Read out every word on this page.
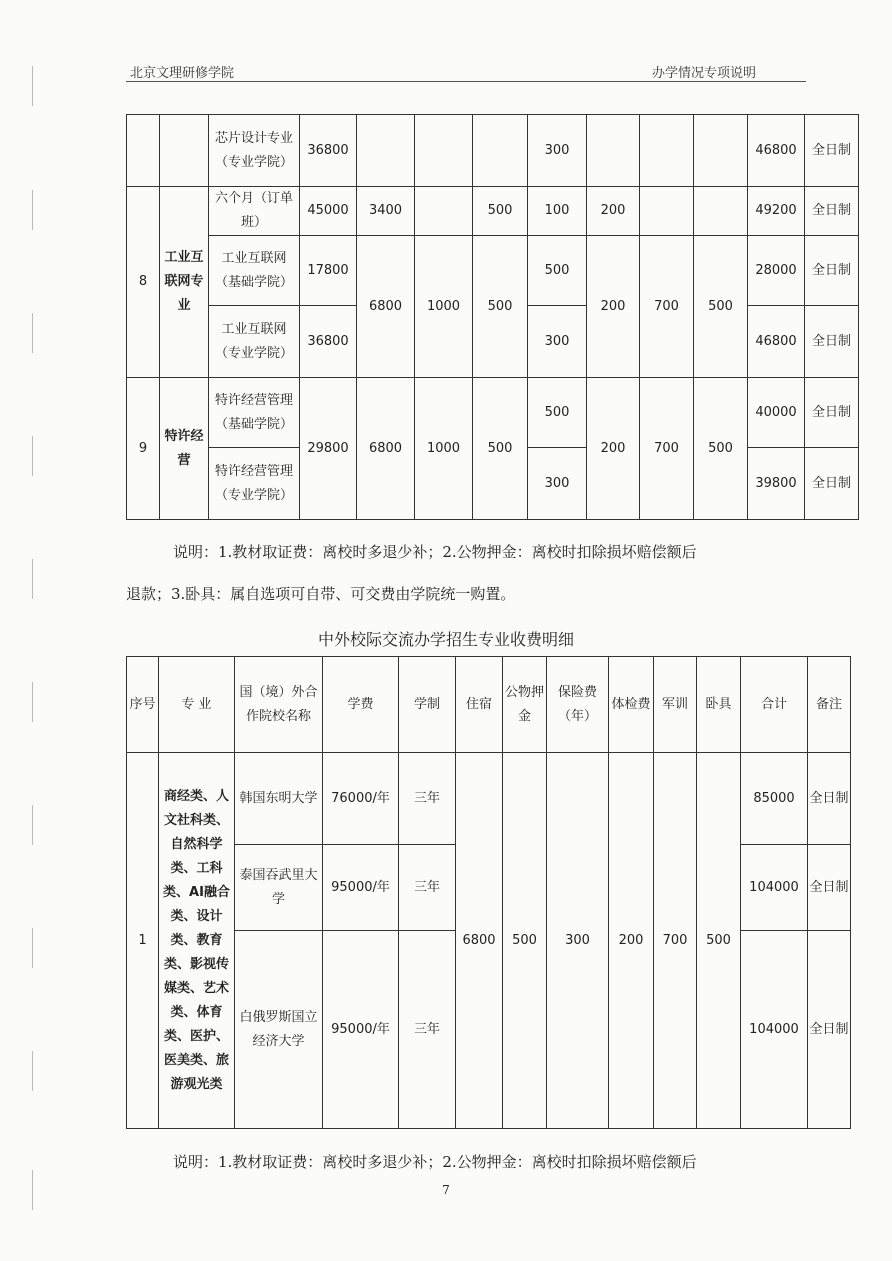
北京文理研修学院	办学情况专项说明
		芯片设计专业（专业学院）	36800				300				46800	全日制
8	工业互联网专业	六个月（订单班）	45000	3400		500	100	200			49200	全日制
		工业互联网（基础学院）	17800	6800	1000	500	500	200	700	500	28000	全日制
		工业互联网（专业学院）	36800				300				46800	全日制
9	特许经营	特许经营管理（基础学院）	29800	6800	1000	500	500	200	700	500	40000	全日制
		特许经营管理（专业学院）					300				39800	全日制
说明：1.教材取证费：离校时多退少补；2.公物押金：离校时扣除损坏赔偿额后
退款；3.卧具：属自选项可自带、可交费由学院统一购置。
中外校际交流办学招生专业收费明细
序号	专 业	国（境）外合作院校名称	学费	学制	住宿	公物押金	保险费（年）	体检费	军训	卧具	合计	备注
1	商经类、人文社科类、自然科学类、工科类、AI融合类、设计类、教育类、影视传媒类、艺术类、体育类、医护、医美类、旅游观光类	韩国东明大学	76000/年	三年	6800	500	300	200	700	500	85000	全日制
		泰国吞武里大学	95000/年	三年							104000	全日制
		白俄罗斯国立经济大学	95000/年	三年							104000	全日制
说明：1.教材取证费：离校时多退少补；2.公物押金：离校时扣除损坏赔偿额后
7
